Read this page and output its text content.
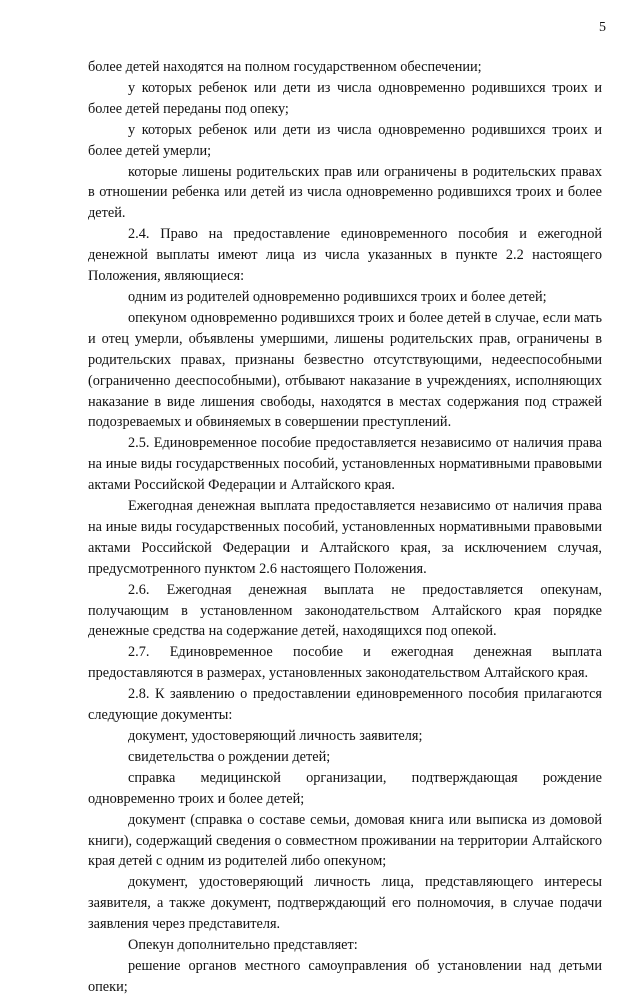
5

более детей находятся на полном государственном обеспечении;

у которых ребенок или дети из числа одновременно родившихся троих и более детей переданы под опеку;

у которых ребенок или дети из числа одновременно родившихся троих и более детей умерли;

которые лишены родительских прав или ограничены в родительских правах в отношении ребенка или детей из числа одновременно родившихся троих и более детей.

2.4. Право на предоставление единовременного пособия и ежегодной денежной выплаты имеют лица из числа указанных в пункте 2.2 настоящего Положения, являющиеся:

одним из родителей одновременно родившихся троих и более детей;

опекуном одновременно родившихся троих и более детей в случае, если мать и отец умерли, объявлены умершими, лишены родительских прав, ограничены в родительских правах, признаны безвестно отсутствующими, недееспособными (ограниченно дееспособными), отбывают наказание в учреждениях, исполняющих наказание в виде лишения свободы, находятся в местах содержания под стражей подозреваемых и обвиняемых в совершении преступлений.

2.5. Единовременное пособие предоставляется независимо от наличия права на иные виды государственных пособий, установленных нормативными правовыми актами Российской Федерации и Алтайского края.

Ежегодная денежная выплата предоставляется независимо от наличия права на иные виды государственных пособий, установленных нормативными правовыми актами Российской Федерации и Алтайского края, за исключением случая, предусмотренного пунктом 2.6 настоящего Положения.

2.6. Ежегодная денежная выплата не предоставляется опекунам, получающим в установленном законодательством Алтайского края порядке денежные средства на содержание детей, находящихся под опекой.

2.7. Единовременное пособие и ежегодная денежная выплата предоставляются в размерах, установленных законодательством Алтайского края.

2.8. К заявлению о предоставлении единовременного пособия прилагаются следующие документы:

документ, удостоверяющий личность заявителя;

свидетельства о рождении детей;

справка медицинской организации, подтверждающая рождение одновременно троих и более детей;

документ (справка о составе семьи, домовая книга или выписка из домовой книги), содержащий сведения о совместном проживании на территории Алтайского края детей с одним из родителей либо опекуном;

документ, удостоверяющий личность лица, представляющего интересы заявителя, а также документ, подтверждающий его полномочия, в случае подачи заявления через представителя.

Опекун дополнительно представляет:

решение органов местного самоуправления об установлении над детьми опеки;
